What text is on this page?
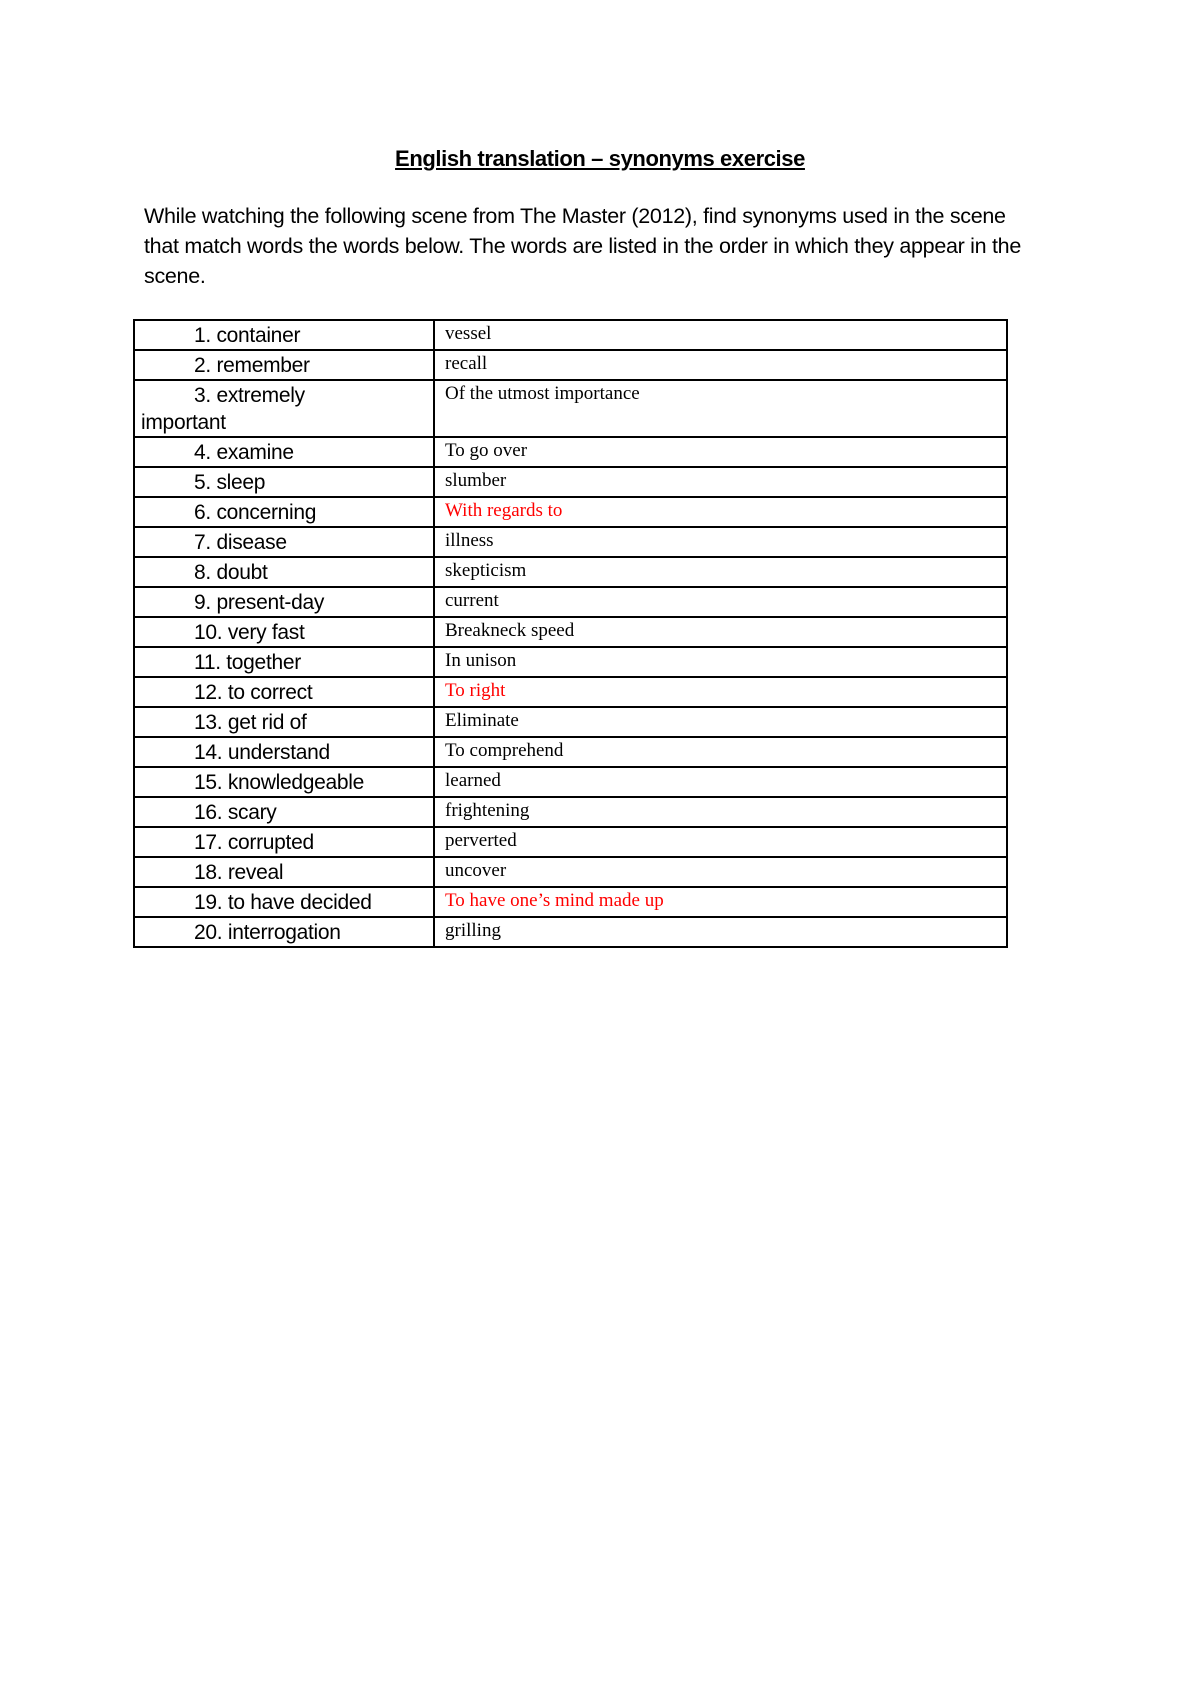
English translation – synonyms exercise
While watching the following scene from The Master (2012), find synonyms used in the scene that match words the words below. The words are listed in the order in which they appear in the scene.
1. container	vessel

2. remember	recall

3. extremely
important	Of the utmost importance

4. examine	To go over

5. sleep	slumber

6. concerning	With regards to

7. disease	illness

8. doubt	skepticism

9. present-day	current

10. very fast	Breakneck speed

11. together	In unison

12. to correct	To right

13. get rid of	Eliminate

14. understand	To comprehend

15. knowledgeable	learned

16. scary	frightening

17. corrupted	perverted

18. reveal	uncover

19. to have decided	To have one’s mind made up

20. interrogation	grilling
